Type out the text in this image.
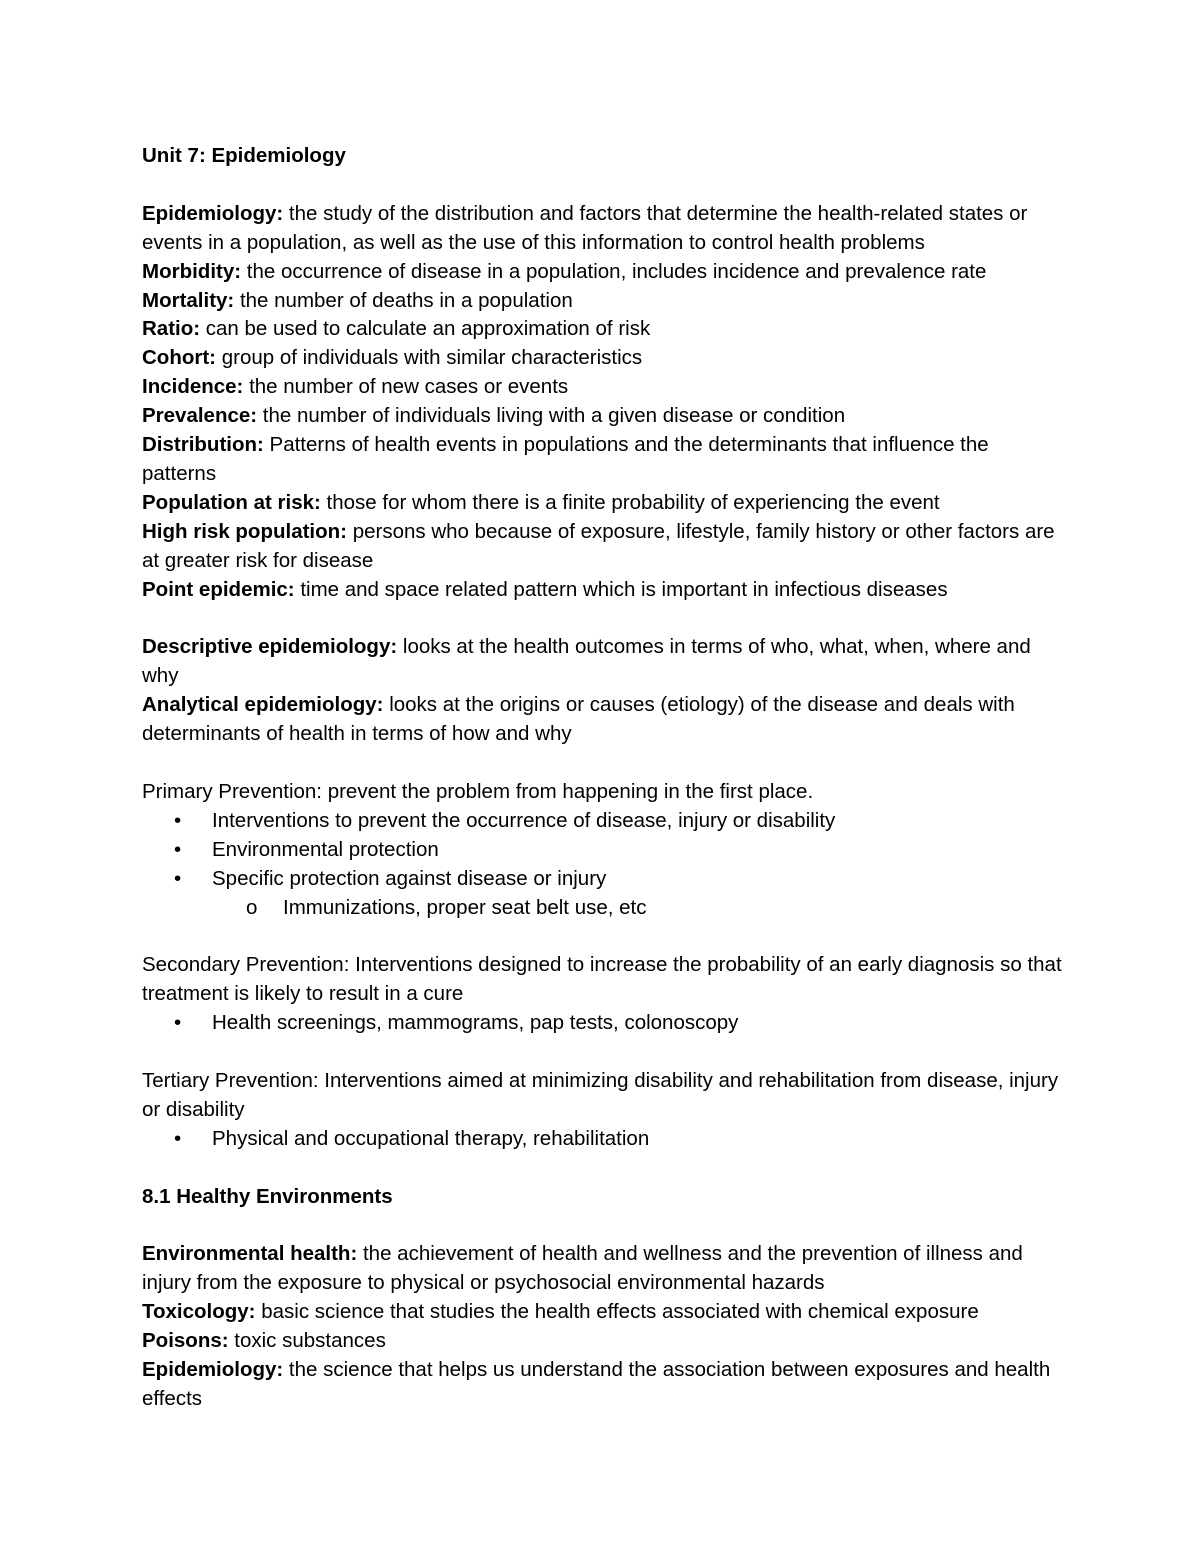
Unit 7: Epidemiology

Epidemiology: the study of the distribution and factors that determine the health-related states or events in a population, as well as the use of this information to control health problems

Morbidity: the occurrence of disease in a population, includes incidence and prevalence rate

Mortality: the number of deaths in a population

Ratio: can be used to calculate an approximation of risk

Cohort: group of individuals with similar characteristics

Incidence: the number of new cases or events

Prevalence: the number of individuals living with a given disease or condition

Distribution: Patterns of health events in populations and the determinants that influence the patterns

Population at risk: those for whom there is a finite probability of experiencing the event

High risk population: persons who because of exposure, lifestyle, family history or other factors are at greater risk for disease

Point epidemic: time and space related pattern which is important in infectious diseases

Descriptive epidemiology: looks at the health outcomes in terms of who, what, when, where and why

Analytical epidemiology: looks at the origins or causes (etiology) of the disease and deals with determinants of health in terms of how and why

Primary Prevention: prevent the problem from happening in the first place.

• Interventions to prevent the occurrence of disease, injury or disability
• Environmental protection
• Specific protection against disease or injury
o Immunizations, proper seat belt use, etc

Secondary Prevention: Interventions designed to increase the probability of an early diagnosis so that treatment is likely to result in a cure

• Health screenings, mammograms, pap tests, colonoscopy

Tertiary Prevention: Interventions aimed at minimizing disability and rehabilitation from disease, injury or disability

• Physical and occupational therapy, rehabilitation

8.1 Healthy Environments

Environmental health: the achievement of health and wellness and the prevention of illness and injury from the exposure to physical or psychosocial environmental hazards

Toxicology: basic science that studies the health effects associated with chemical exposure

Poisons: toxic substances

Epidemiology: the science that helps us understand the association between exposures and health effects
